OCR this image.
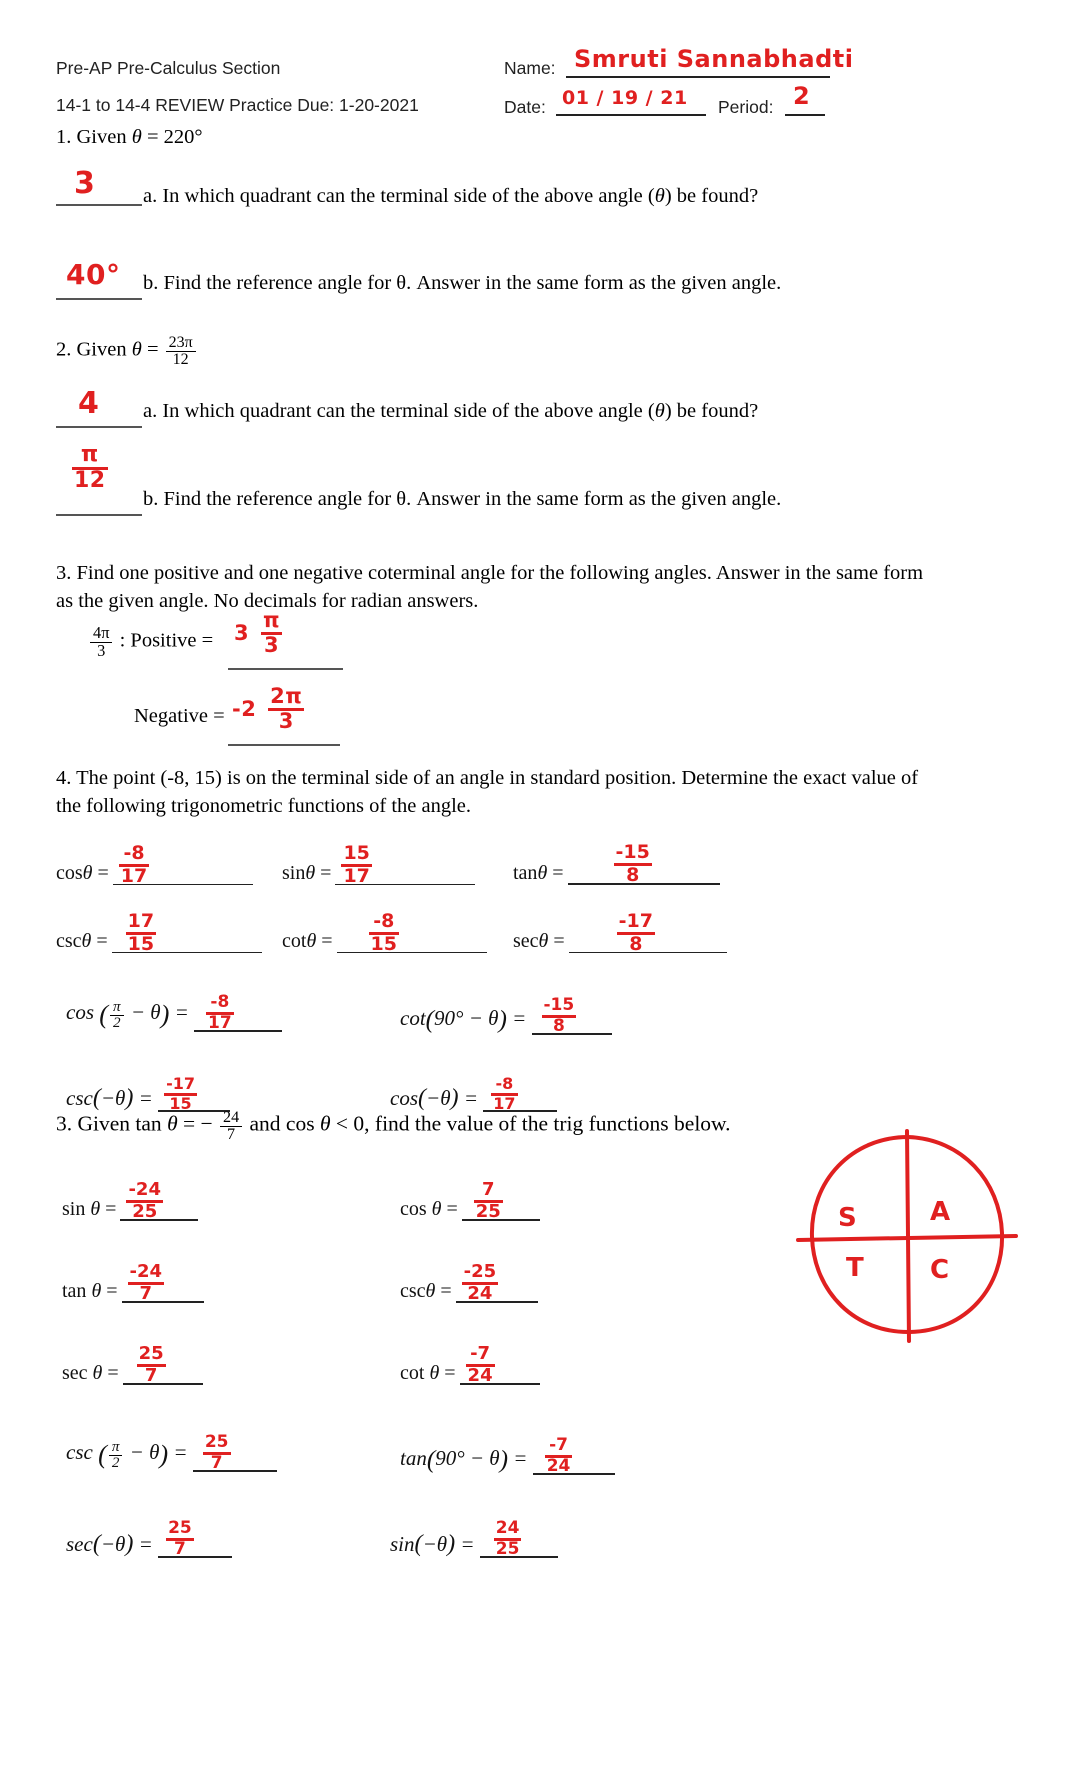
Pre-AP Pre-Calculus Section
14-1 to 14-4 REVIEW Practice Due: 1-20-2021
Name: Smruti Sannabhadti
Date: 01 / 19 / 21 Period: 2
1. Given θ = 220°
3 a. In which quadrant can the terminal side of the above angle (θ) be found?
40° b. Find the reference angle for θ. Answer in the same form as the given angle.
2. Given $\theta = \frac{23\pi}{12}$
4 a. In which quadrant can the terminal side of the above angle (θ) be found?
$\frac{\pi}{12}$
b. Find the reference angle for θ. Answer in the same form as the given angle.
3. Find one positive and one negative coterminal angle for the following angles. Answer in the same form
as the given angle. No decimals for radian answers.
$\frac{4\pi}{3}$ : Positive = $3 \frac{\pi}{3}$
Negative = $-2 \frac{2\pi}{3}$
4. The point (-8, 15) is on the terminal side of an angle in standard position. Determine the exact value of
the following trigonometric functions of the angle.
$\cos\theta = \frac{-8}{17}$	$\sin\theta = \frac{15}{17}$	tanθ =	$\frac{-15}{8}$
$\csc\theta = \frac{17}{15}$	$\cot\theta = \frac{-8}{15}$	secθ =	$\frac{-17}{8}$
cos ( $\frac{\pi}{2} - \theta) = \frac{-8}{17}$	$\cot(90^\circ - \theta) = \frac{-15}{8}$
$\csc(-\theta) = \frac{-17}{15}$	$\cos(-\theta) = \frac{-8}{17}$
3. Given tan θ = − $\frac{24}{7}$ and cos θ < 0, find the value of the trig functions below.
$\sin \theta = \frac{-24}{25}$	$\cos \theta = \frac{7}{25}$
$\tan \theta = \frac{-24}{7}$	$\csc\theta = \frac{-25}{24}$
$\sec \theta = \frac{25}{7}$	$\cot \theta = \frac{-7}{24}$
csc ( $\frac{\pi}{2} - \theta) = \frac{25}{7}$	$\tan(90^\circ - \theta) = \frac{-7}{24}$
$\sec(-\theta) = \frac{25}{7}$	$\sin(-\theta) = \frac{24}{25}$
S	A
T	C
